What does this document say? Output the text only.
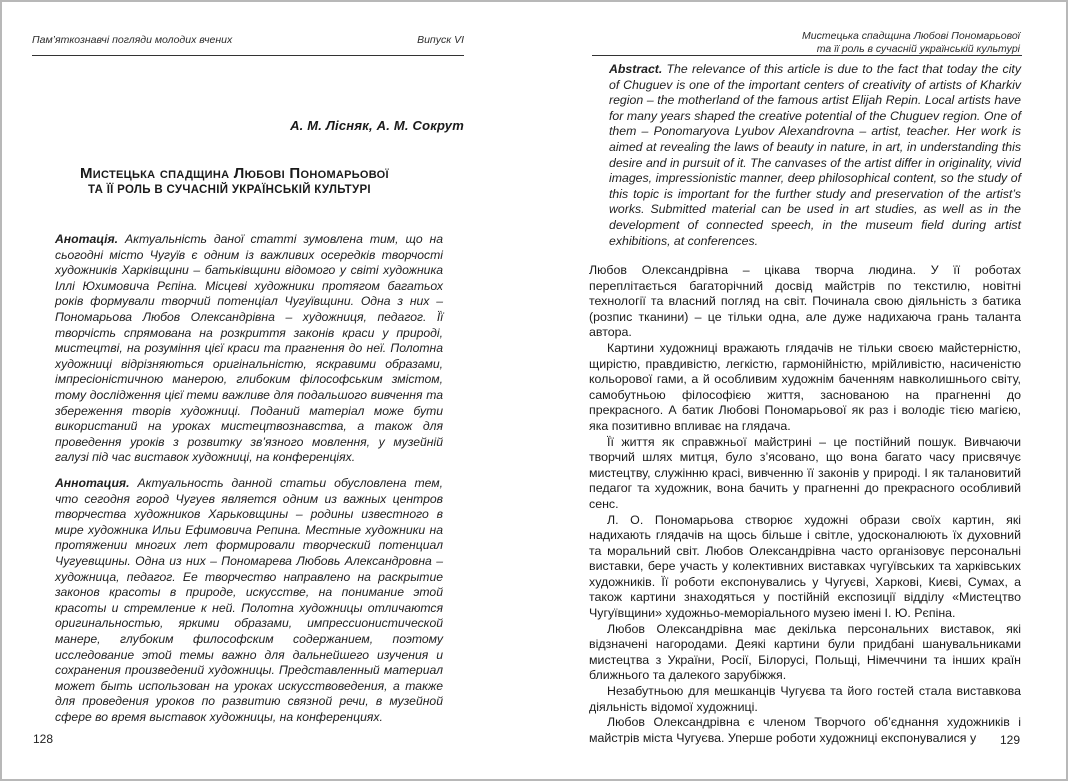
Пам’яткознавчі погляди молодих вчених	Випуск VI
А. М. Лісняк, А. М. Сокрут
Мистецька спадщина Любові Пономарьової
ТА ЇЇ РОЛЬ В СУЧАСНІЙ УКРАЇНСЬКІЙ КУЛЬТУРІ
Анотація. Актуальність даної статті зумовлена тим, що на сьогодні місто Чугуїв є одним із важливих осередків творчості художників Харківщини – батьківщини відомого у світі художника Іллі Юхимовича Рєпіна. Місцеві художники протягом багатьох років формували творчий потенціал Чугуївщини. Одна з них – Пономарьова Любов Олександрівна – художниця, педагог. Її творчість спрямована на розкриття законів краси у природі, мистецтві, на розуміння цієї краси та прагнення до неї. Полотна художниці відрізняються оригінальністю, яскравими образами, імпресіоністичною манерою, глибоким філософським змістом, тому дослідження цієї теми важливе для подальшого вивчення та збереження творів художниці. Поданий матеріал може бути використаний на уроках мистецтвознавства, а також для проведення уроків з розвитку зв’язного мовлення, у музейній галузі під час виставок художниці, на конференціях.
Аннотация. Актуальность данной статьи обусловлена тем, что сегодня город Чугуев является одним из важных центров творчества художников Харьковщины – родины известного в мире художника Ильи Ефимовича Репина. Местные художники на протяжении многих лет формировали творческий потенциал Чугуевщины. Одна из них – Пономарева Любовь Александровна – художница, педагог. Ее творчество направлено на раскрытие законов красоты в природе, искусстве, на понимание этой красоты и стремление к ней. Полотна художницы отличаются оригинальностью, яркими образами, импрессионистической манере, глубоким философским содержанием, поэтому исследование этой темы важно для дальнейшего изучения и сохранения произведений художницы. Представленный материал может быть использован на уроках искусствоведения, а также для проведения уроков по развитию связной речи, в музейной сфере во время выставок художницы, на конференциях.
128
Мистецька спадщина Любові Пономарьової
та її роль в сучасній українській культурі
Abstract. The relevance of this article is due to the fact that today the city of Chuguev is one of the important centers of creativity of artists of Kharkiv region – the motherland of the famous artist Elijah Repin. Local artists have for many years shaped the creative potential of the Chuguev region. One of them – Ponomaryova Lyubov Alexandrovna – artist, teacher. Her work is aimed at revealing the laws of beauty in nature, in art, in understanding this desire and in pursuit of it. The canvases of the artist differ in originality, vivid images, impressionistic manner, deep philosophical content, so the study of this topic is important for the further study and preservation of the artist’s works. Submitted material can be used in art studies, as well as in the development of connected speech, in the museum field during artist exhibitions, at conferences.

Любов Олександрівна – цікава творча людина. У її роботах переплітається багаторічний досвід майстрів по текстилю, новітні технології та власний погляд на світ. Починала свою діяльність з батика (розпис тканини) – це тільки одна, але дуже надихаюча грань таланта автора.

Картини художниці вражають глядачів не тільки своєю майстерністю, щирістю, правдивістю, легкістю, гармонійністю, мрійливістю, насиченістю кольорової гами, а й особливим художнім баченням навколишнього світу, самобутньою філософією життя, заснованою на прагненні до прекрасного. А батик Любові Пономарьової як раз і володіє тією магією, яка позитивно впливає на глядача.

Її життя як справжньої майстрині – це постійний пошук. Вивчаючи творчий шлях митця, було з’ясовано, що вона багато часу присвячує мистецтву, служінню красі, вивченню її законів у природі. І як талановитий педагог та художник, вона бачить у прагненні до прекрасного особливий сенс.

Л. О. Пономарьова створює художні образи своїх картин, які надихають глядачів на щось більше і світле, удосконалюють їх духовний та моральний світ. Любов Олександрівна часто організовує персональні виставки, бере участь у колективних виставках чугуївських та харківських художників. Її роботи експонувались у Чугуєві, Харкові, Києві, Сумах, а також картини знаходяться у постійній експозиції відділу «Мистецтво Чугуївщини» художньо-меморіального музею імені І. Ю. Рєпіна.

Любов Олександрівна має декілька персональних виставок, які відзначені нагородами. Деякі картини були придбані шанувальниками мистецтва з України, Росії, Білорусі, Польщі, Німеччини та інших країн ближнього та далекого зарубіжжя.

Незабутньою для мешканців Чугуєва та його гостей стала виставкова діяльність відомої художниці.

Любов Олександрівна є членом Творчого об’єднання художників і майстрів міста Чугуєва. Уперше роботи художниці експонувалися у	129
